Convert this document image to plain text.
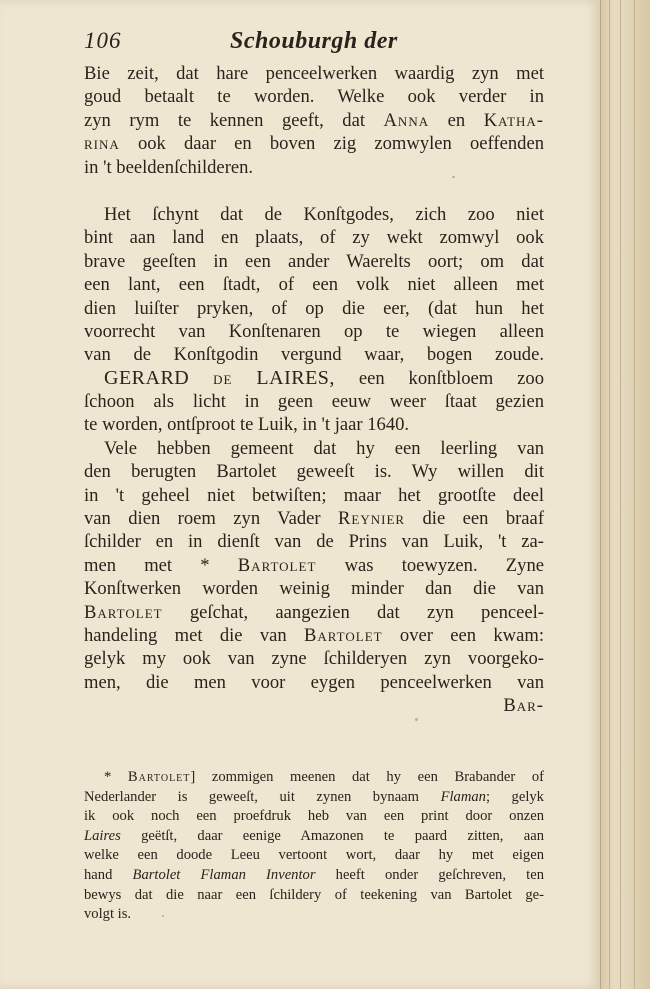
106	Schouburgh der
Bie zeit, dat hare penceelwerken waardig zyn met
goud betaalt te worden. Welke ook verder in
zyn rym te kennen geeft, dat Anna en Katha-
rina ook daar en boven zig zomwylen oeffenden
in 't beeldenſchilderen.
Het ſchynt dat de Konſtgodes, zich zoo niet
bint aan land en plaats, of zy wekt zomwyl ook
brave geeſten in een ander Waerelts oort; om dat
een lant, een ſtadt, of een volk niet alleen met
dien luiſter pryken, of op die eer, (dat hun het
voorrecht van Konſtenaren op te wiegen alleen
van de Konſtgodin vergund waar, bogen zoude.
GERARD de LAIRES, een konſtbloem zoo
ſchoon als licht in geen eeuw weer ſtaat gezien
te worden, ontſproot te Luik, in 't jaar 1640.
Vele hebben gemeent dat hy een leerling van
den berugten Bartolet geweeſt is. Wy willen dit
in 't geheel niet betwiſten; maar het grootſte deel
van dien roem zyn Vader Reynier die een braaf
ſchilder en in dienſt van de Prins van Luik, 't za-
men met * Bartolet was toewyzen. Zyne
Konſtwerken worden weinig minder dan die van
Bartolet geſchat, aangezien dat zyn penceel-
handeling met die van Bartolet over een kwam:
gelyk my ook van zyne ſchilderyen zyn voorgeko-
men, die men voor eygen penceelwerken van
Bar-
* Bartolet] zommigen meenen dat hy een Brabander of
Nederlander is geweeſt, uit zynen bynaam Flaman; gelyk
ik ook noch een proefdruk heb van een print door onzen
Laires geëtſt, daar eenige Amazonen te paard zitten, aan
welke een doode Leeu vertoont wort, daar hy met eigen
hand Bartolet Flaman Inventor heeft onder geſchreven, ten
bewys dat die naar een ſchildery of teekening van Bartolet ge-
volgt is.
